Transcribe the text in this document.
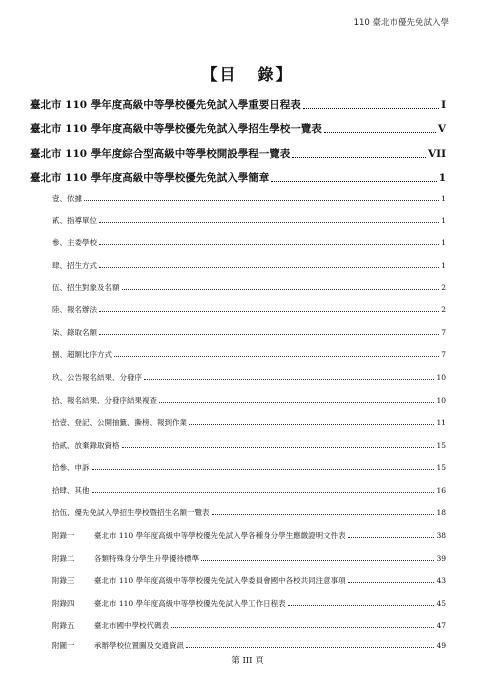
110 臺北市優先免試入學
【目 錄】
臺北市 110 學年度高級中等學校優先免試入學重要日程表	I
臺北市 110 學年度高級中等學校優先免試入學招生學校一覽表	V
臺北市 110 學年度綜合型高級中等學校開設學程一覽表	VII
臺北市 110 學年度高級中等學校優先免試入學簡章	1
壹、依據	1
貳、指導單位	1
參、主委學校	1
肆、招生方式	1
伍、招生對象及名額	2
陸、報名辦法	2
柒、錄取名額	7
捌、超額比序方式	7
玖、公告報名結果、分發序	10
拾、報名結果、分發序結果複查	10
拾壹、登記、公開抽籤、撕榜、報到作業	11
拾貳、放棄錄取資格	15
拾參、申訴	15
拾肆、其他	16
拾伍、優先免試入學招生學校暨招生名額一覽表	18
附錄一	臺北市 110 學年度高級中等學校優先免試入學各種身分學生應繳證明文件表	38
附錄二	各類特殊身分學生升學優待標準	39
附錄三	臺北市 110 學年度高級中等學校優先免試入學委員會國中各校共同注意事項	43
附錄四	臺北市 110 學年度高級中等學校優先免試入學工作日程表	45
附錄五	臺北市國中學校代碼表	47
附圖一	承辦學校位置圖及交通資訊	49
第 III 頁
